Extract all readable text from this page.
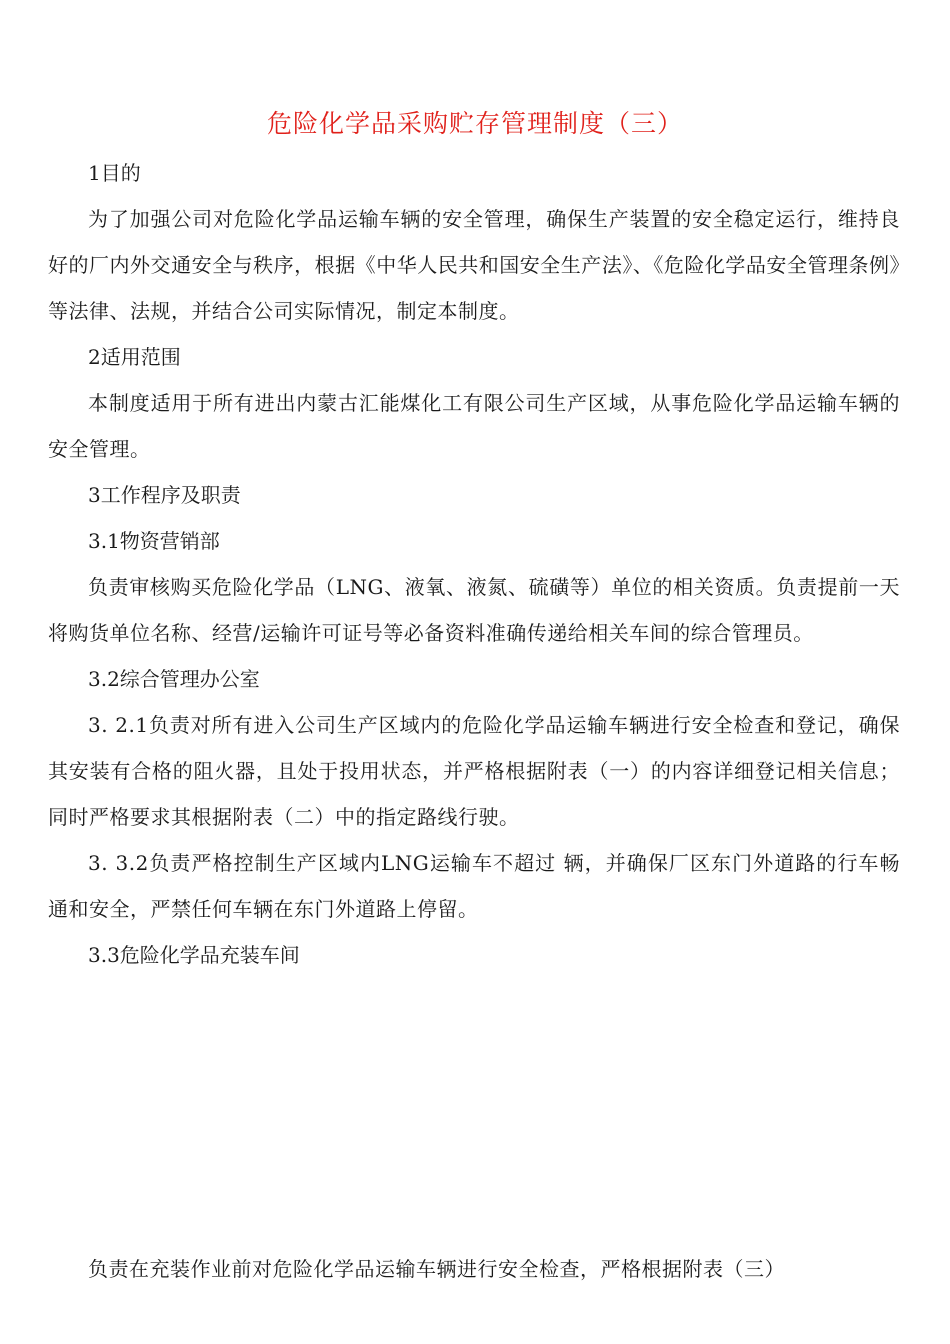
危险化学品采购贮存管理制度（三）

1目的

为了加强公司对危险化学品运输车辆的安全管理，确保生产装置的安全稳定运行，维持良好的厂内外交通安全与秩序，根据《中华人民共和国安全生产法》、《危险化学品安全管理条例》等法律、法规，并结合公司实际情况，制定本制度。

2适用范围

本制度适用于所有进出内蒙古汇能煤化工有限公司生产区域，从事危险化学品运输车辆的安全管理。

3工作程序及职责

3.1物资营销部

负责审核购买危险化学品（LNG、液氧、液氮、硫磺等）单位的相关资质。负责提前一天将购货单位名称、经营/运输许可证号等必备资料准确传递给相关车间的综合管理员。

3.2综合管理办公室

3. 2.1负责对所有进入公司生产区域内的危险化学品运输车辆进行安全检查和登记，确保其安装有合格的阻火器，且处于投用状态，并严格根据附表（一）的内容详细登记相关信息；同时严格要求其根据附表（二）中的指定路线行驶。

3. 3.2负责严格控制生产区域内LNG运输车不超过 辆，并确保厂区东门外道路的行车畅通和安全，严禁任何车辆在东门外道路上停留。

3.3危险化学品充装车间

负责在充装作业前对危险化学品运输车辆进行安全检查，严格根据附表（三）
